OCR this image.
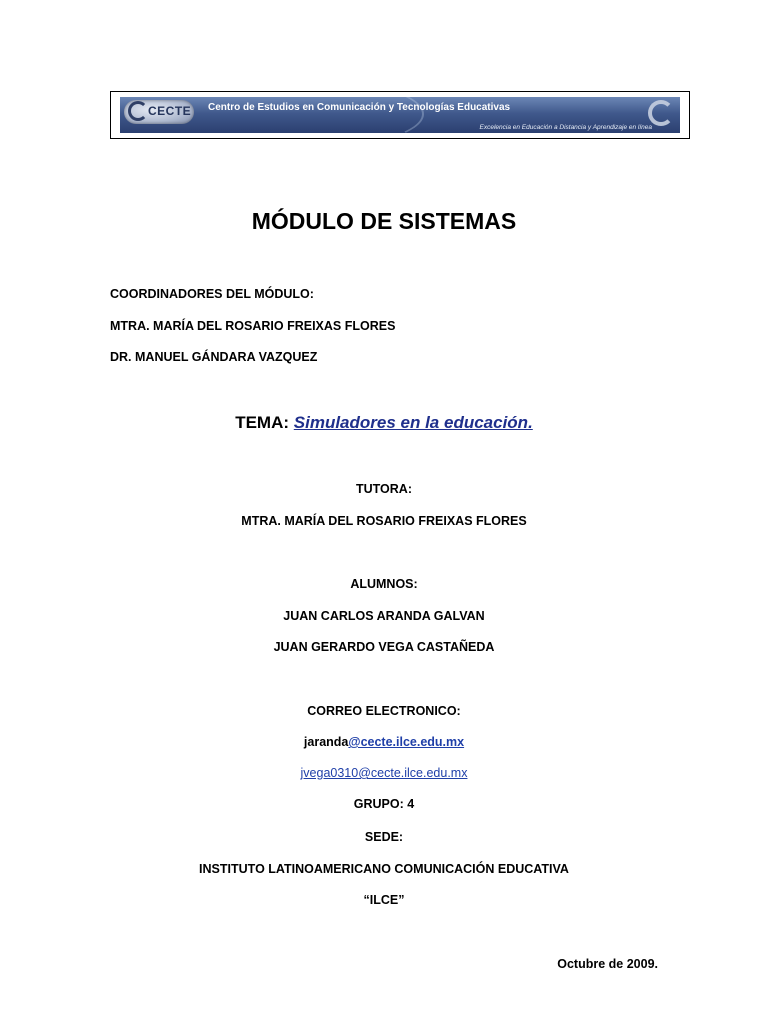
CECTE Centro de Estudios en Comunicación y Tecnologías Educativas
Excelencia en Educación a Distancia y Aprendizaje en línea
MÓDULO DE SISTEMAS
COORDINADORES DEL MÓDULO:
MTRA. MARÍA DEL ROSARIO FREIXAS FLORES
DR. MANUEL GÁNDARA VAZQUEZ
TEMA: Simuladores en la educación.
TUTORA:
MTRA. MARÍA DEL ROSARIO FREIXAS FLORES
ALUMNOS:
JUAN CARLOS ARANDA GALVAN
JUAN GERARDO VEGA CASTAÑEDA
CORREO ELECTRONICO:
jaranda@cecte.ilce.edu.mx
jvega0310@cecte.ilce.edu.mx
GRUPO: 4
SEDE:
INSTITUTO LATINOAMERICANO COMUNICACIÓN EDUCATIVA
“ILCE”
Octubre de 2009.
